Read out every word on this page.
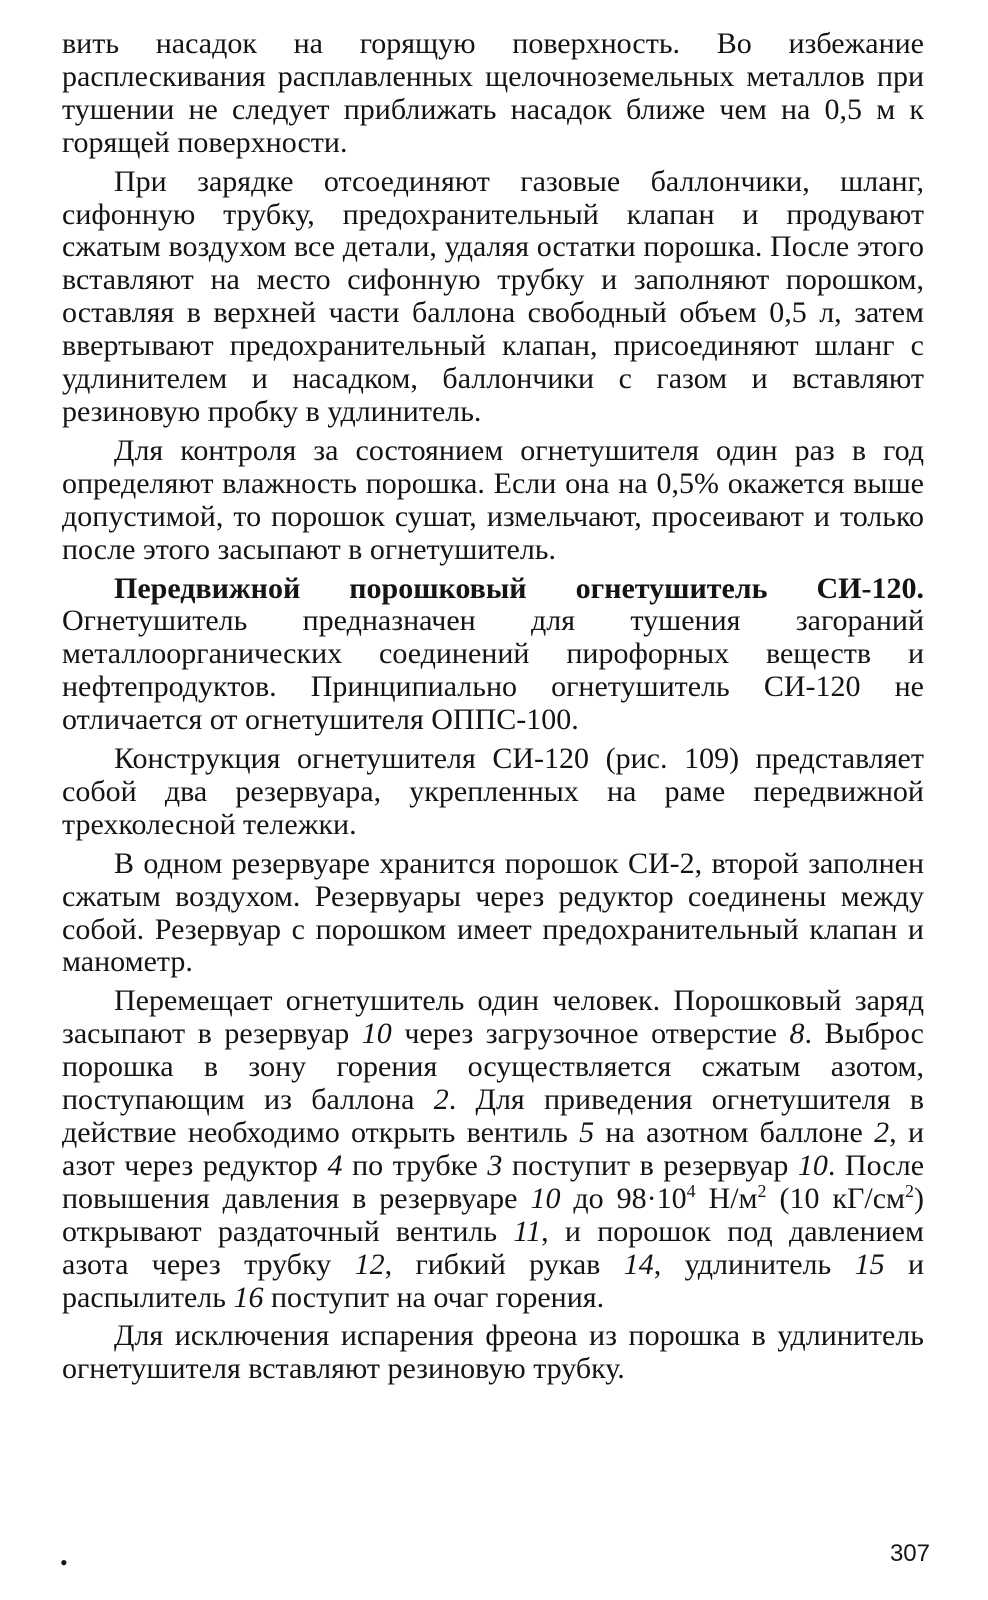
вить насадок на горящую поверхность. Во избежание расплескивания расплавленных щелочноземельных металлов при тушении не следует приближать насадок ближе чем на 0,5 м к горящей поверхности.

При зарядке отсоединяют газовые баллончики, шланг, сифонную трубку, предохранительный клапан и продувают сжатым воздухом все детали, удаляя остатки порошка. После этого вставляют на место сифонную трубку и заполняют порошком, оставляя в верхней части баллона свободный объем 0,5 л, затем ввертывают предохранительный клапан, присоединяют шланг с удлинителем и насадком, баллончики с газом и вставляют резиновую пробку в удлинитель.

Для контроля за состоянием огнетушителя один раз в год определяют влажность порошка. Если она на 0,5% окажется выше допустимой, то порошок сушат, измельчают, просеивают и только после этого засыпают в огнетушитель.

Передвижной порошковый огнетушитель СИ-120. Огнетушитель предназначен для тушения загораний металлоорганических соединений пирофорных веществ и нефтепродуктов. Принципиально огнетушитель СИ-120 не отличается от огнетушителя ОППС-100.

Конструкция огнетушителя СИ-120 (рис. 109) представляет собой два резервуара, укрепленных на раме передвижной трехколесной тележки.

В одном резервуаре хранится порошок СИ-2, второй заполнен сжатым воздухом. Резервуары через редуктор соединены между собой. Резервуар с порошком имеет предохранительный клапан и манометр.

Перемещает огнетушитель один человек. Порошковый заряд засыпают в резервуар 10 через загрузочное отверстие 8. Выброс порошка в зону горения осуществляется сжатым азотом, поступающим из баллона 2. Для приведения огнетушителя в действие необходимо открыть вентиль 5 на азотном баллоне 2, и азот через редуктор 4 по трубке 3 поступит в резервуар 10. После повышения давления в резервуаре 10 до $98\cdot 10^4$ $Н/м^2$ (10 $кГ/см^2$) открывают раздаточный вентиль 11, и порошок под давлением азота через трубку 12, гибкий рукав 14, удлинитель 15 и распылитель 16 поступит на очаг горения.

Для исключения испарения фреона из порошка в удлинитель огнетушителя вставляют резиновую трубку.

•	307
